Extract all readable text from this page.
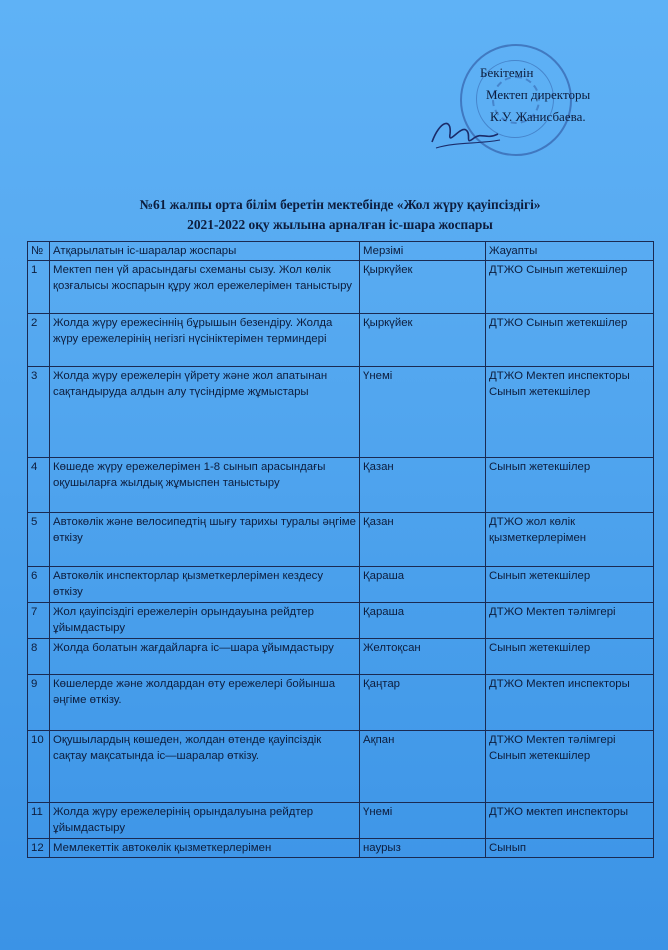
Бекітемін
Мектеп директоры
К.У. Жанисбаева.
№61 жалпы орта білім беретін мектебінде «Жол жүру қауіпсіздігі»
2021-2022 оқу жылына арналған іс-шара жоспары
№	Атқарылатын іс-шаралар жоспары	Мерзімі	Жауапты
1	Мектеп пен үй арасындағы схеманы сызу. Жол көлік қозғалысы жоспарын құру жол ережелерімен таныстыру	Қыркүйек	ДТЖО Сынып жетекшілер
2	Жолда жүру ережесіннің бұрышын безендіру. Жолда жүру ережелерінің негізгі нүсініктерімен терминдері	Қыркүйек	ДТЖО Сынып жетекшілер
3	Жолда жүру ережелерін үйрету және жол апатынан сақтандыруда алдын алу түсіндірме жұмыстары	Үнемі	ДТЖО Мектеп инспекторы Сынып жетекшілер
4	Көшеде жүру ережелерімен 1-8 сынып арасындағы оқушыларға жылдық жұмыспен таныстыру	Қазан	Сынып жетекшілер
5	Автокөлік және велосипедтің шығу тарихы туралы әңгіме өткізу	Қазан	ДТЖО жол көлік қызметкерлерімен
6	Автокөлік инспекторлар қызметкерлерімен кездесу өткізу	Қараша	Сынып жетекшілер
7	Жол қауіпсіздігі ережелерін орындауына рейдтер ұйымдастыру	Қараша	ДТЖО Мектеп тәлімгері
8	Жолда болатын жағдайларға іс—шара ұйымдастыру	Желтоқсан	Сынып жетекшілер
9	Көшелерде және жолдардан өту ережелері бойынша әңгіме өткізу.	Қаңтар	ДТЖО Мектеп инспекторы
10	Оқушылардың көшеден, жолдан өтенде қауіпсіздік сақтау мақсатында іс—шаралар өткізу.	Ақпан	ДТЖО Мектеп тәлімгері Сынып жетекшілер
11	Жолда жүру ережелерінің орындалуына рейдтер ұйымдастыру	Үнемі	ДТЖО мектеп инспекторы
12	Мемлекеттік автокөлік қызметкерлерімен	наурыз	Сынып
